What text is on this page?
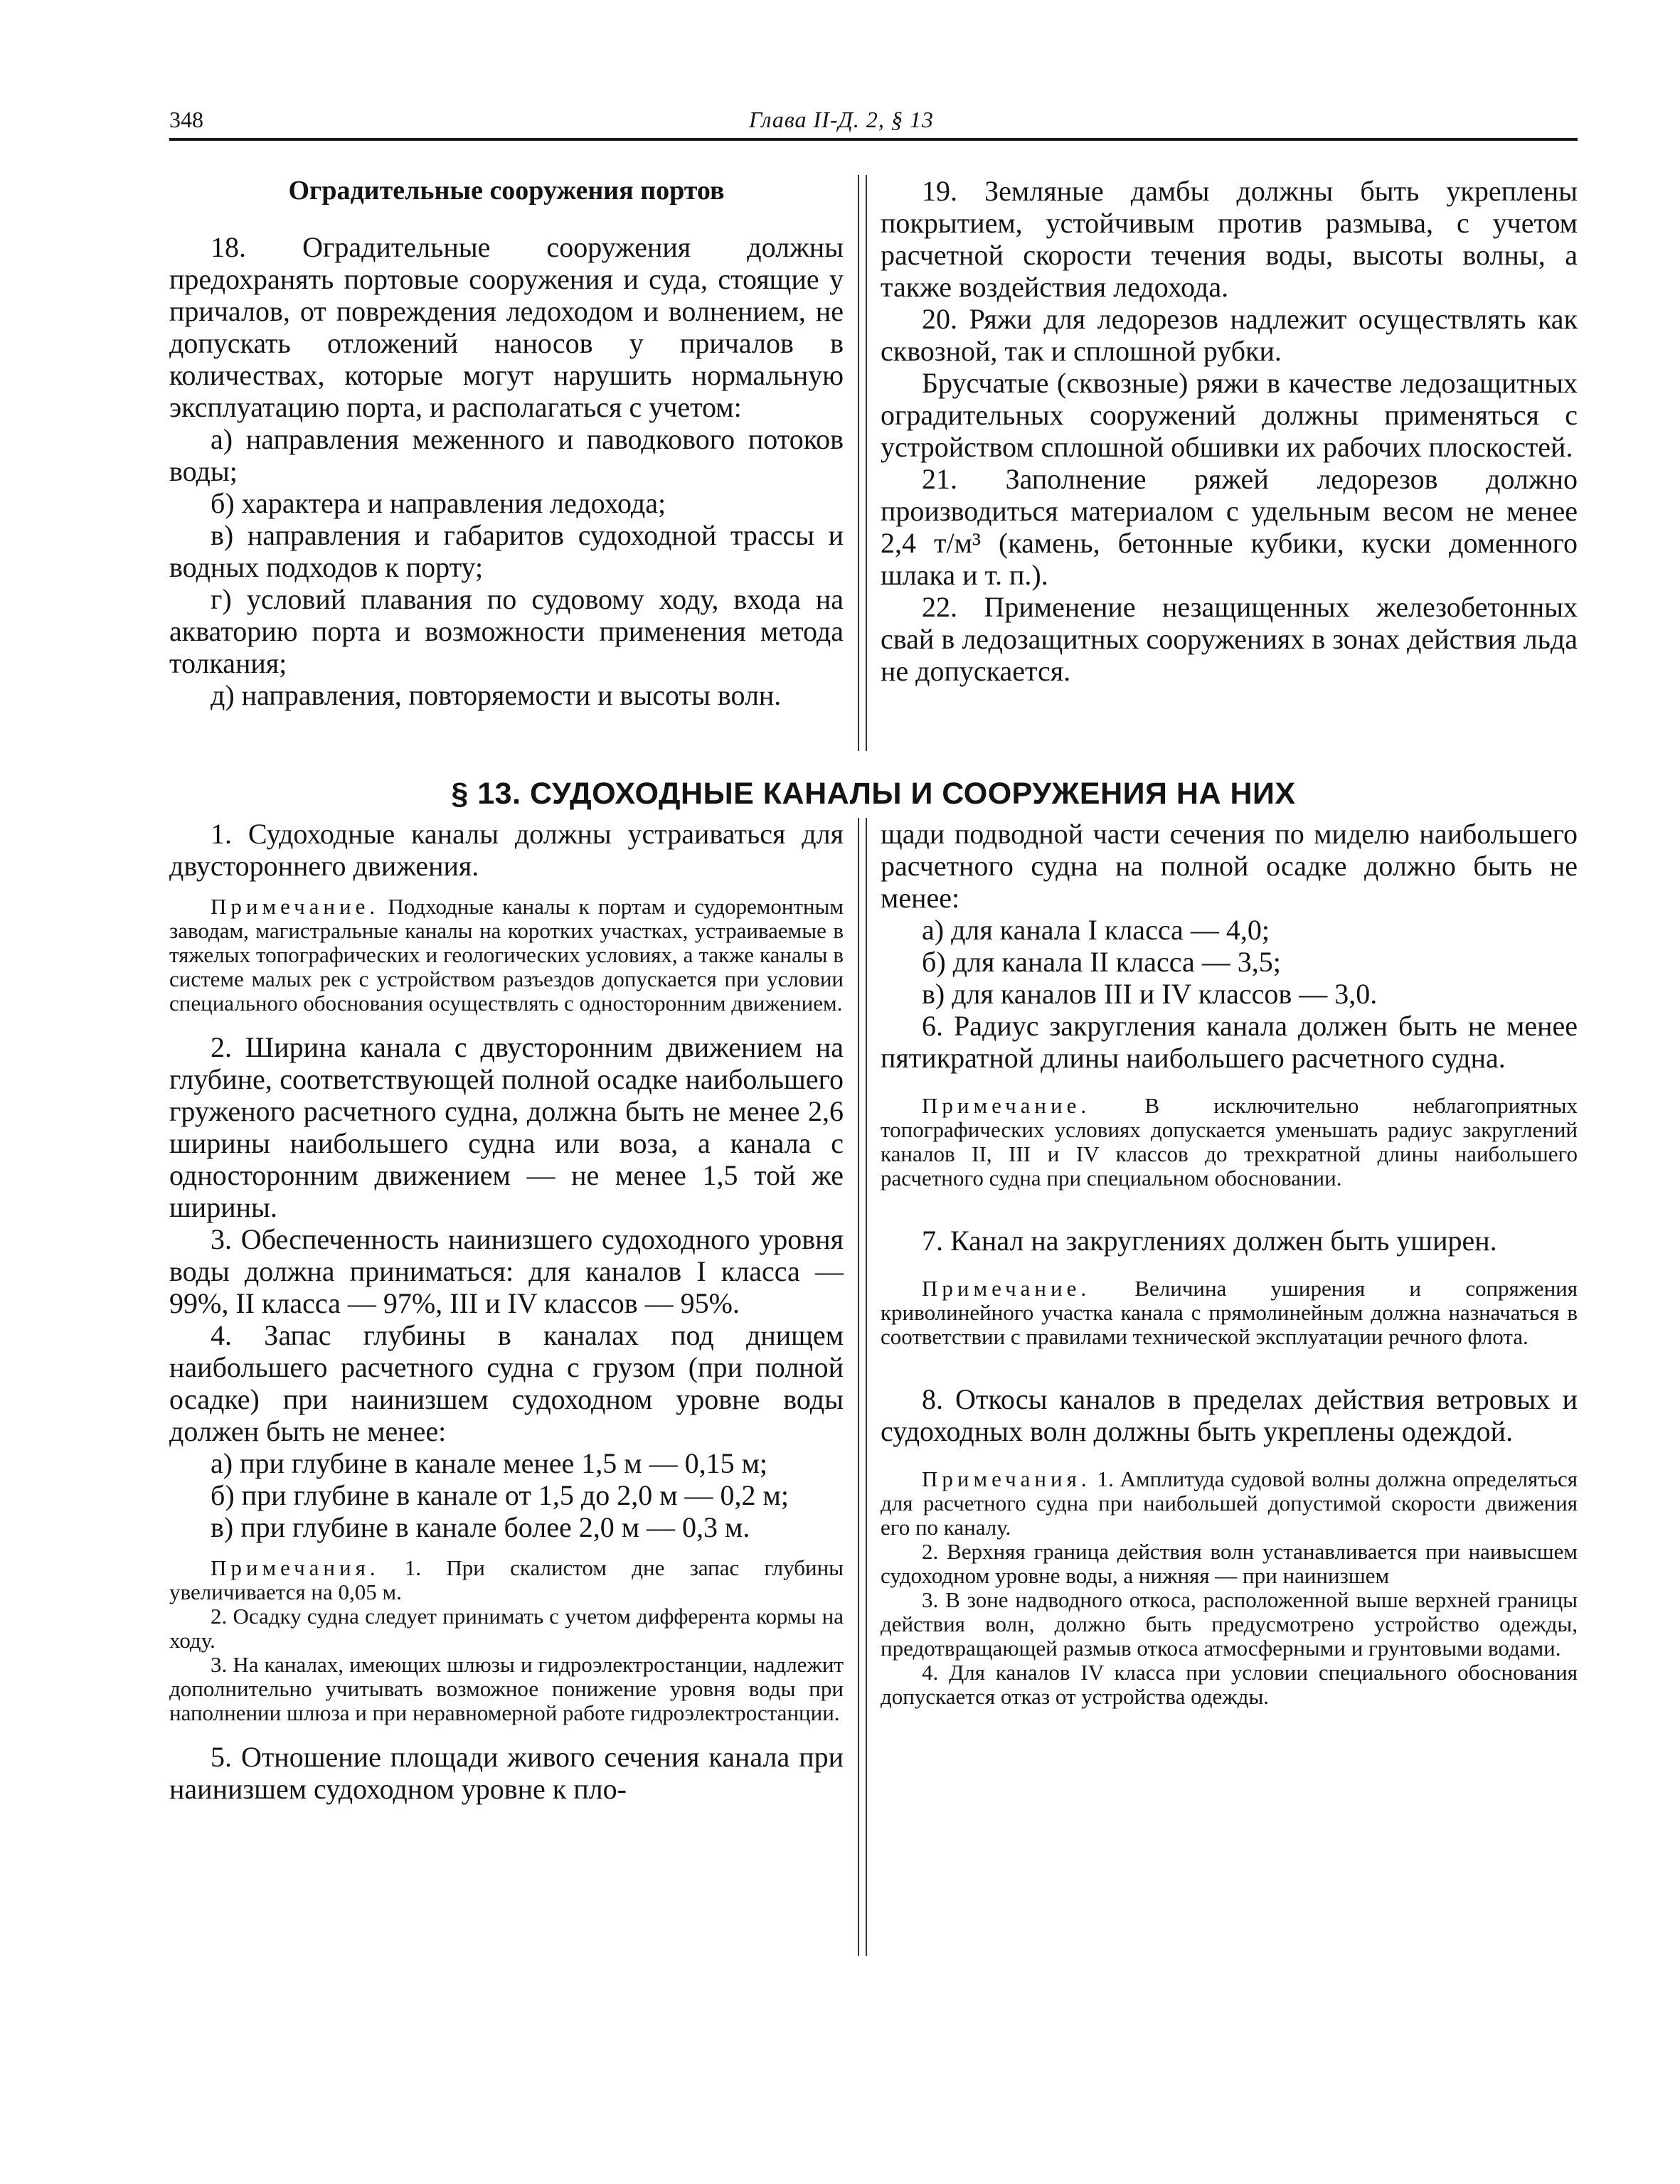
348	Глава II-Д. 2, § 13

Оградительные сооружения портов

18. Оградительные сооружения должны предохранять портовые сооружения и суда, стоящие у причалов, от повреждения ледоходом и волнением, не допускать отложений наносов у причалов в количествах, которые могут нарушить нормальную эксплуатацию порта, и располагаться с учетом:

а) направления меженного и паводкового потоков воды;

б) характера и направления ледохода;

в) направления и габаритов судоходной трассы и водных подходов к порту;

г) условий плавания по судовому ходу, входа на акваторию порта и возможности применения метода толкания;

д) направления, повторяемости и высоты волн.

19. Земляные дамбы должны быть укреплены покрытием, устойчивым против размыва, с учетом расчетной скорости течения воды, высоты волны, а также воздействия ледохода.

20. Ряжи для ледорезов надлежит осуществлять как сквозной, так и сплошной рубки.

Брусчатые (сквозные) ряжи в качестве ледозащитных оградительных сооружений должны применяться с устройством сплошной обшивки их рабочих плоскостей.

21. Заполнение ряжей ледорезов должно производиться материалом с удельным весом не менее 2,4 т/м³ (камень, бетонные кубики, куски доменного шлака и т. п.).

22. Применение незащищенных железобетонных свай в ледозащитных сооружениях в зонах действия льда не допускается.

§ 13. СУДОХОДНЫЕ КАНАЛЫ И СООРУЖЕНИЯ НА НИХ

1. Судоходные каналы должны устраиваться для двустороннего движения.

Примечание. Подходные каналы к портам и судоремонтным заводам, магистральные каналы на коротких участках, устраиваемые в тяжелых топографических и геологических условиях, а также каналы в системе малых рек с устройством разъездов допускается при условии специального обоснования осуществлять с односторонним движением.

2. Ширина канала с двусторонним движением на глубине, соответствующей полной осадке наибольшего груженого расчетного судна, должна быть не менее 2,6 ширины наибольшего судна или воза, а канала с односторонним движением — не менее 1,5 той же ширины.

3. Обеспеченность наинизшего судоходного уровня воды должна приниматься: для каналов I класса — 99%, II класса — 97%, III и IV классов — 95%.

4. Запас глубины в каналах под днищем наибольшего расчетного судна с грузом (при полной осадке) при наинизшем судоходном уровне воды должен быть не менее:

а) при глубине в канале менее 1,5 м — 0,15 м;

б) при глубине в канале от 1,5 до 2,0 м — 0,2 м;

в) при глубине в канале более 2,0 м — 0,3 м.

Примечания. 1. При скалистом дне запас глубины увеличивается на 0,05 м.

2. Осадку судна следует принимать с учетом дифферента кормы на ходу.

3. На каналах, имеющих шлюзы и гидроэлектростанции, надлежит дополнительно учитывать возможное понижение уровня воды при наполнении шлюза и при неравномерной работе гидроэлектростанции.

5. Отношение площади живого сечения канала при наинизшем судоходном уровне к пло-

щади подводной части сечения по миделю наибольшего расчетного судна на полной осадке должно быть не менее:

а) для канала I класса — 4,0;

б) для канала II класса — 3,5;

в) для каналов III и IV классов — 3,0.

6. Радиус закругления канала должен быть не менее пятикратной длины наибольшего расчетного судна.

Примечание. В исключительно неблагоприятных топографических условиях допускается уменьшать радиус закруглений каналов II, III и IV классов до трехкратной длины наибольшего расчетного судна при специальном обосновании.

7. Канал на закруглениях должен быть уширен.

Примечание. Величина уширения и сопряжения криволинейного участка канала с прямолинейным должна назначаться в соответствии с правилами технической эксплуатации речного флота.

8. Откосы каналов в пределах действия ветровых и судоходных волн должны быть укреплены одеждой.

Примечания. 1. Амплитуда судовой волны должна определяться для расчетного судна при наибольшей допустимой скорости движения его по каналу.

2. Верхняя граница действия волн устанавливается при наивысшем судоходном уровне воды, а нижняя — при наинизшем

3. В зоне надводного откоса, расположенной выше верхней границы действия волн, должно быть предусмотрено устройство одежды, предотвращающей размыв откоса атмосферными и грунтовыми водами.

4. Для каналов IV класса при условии специального обоснования допускается отказ от устройства одежды.
